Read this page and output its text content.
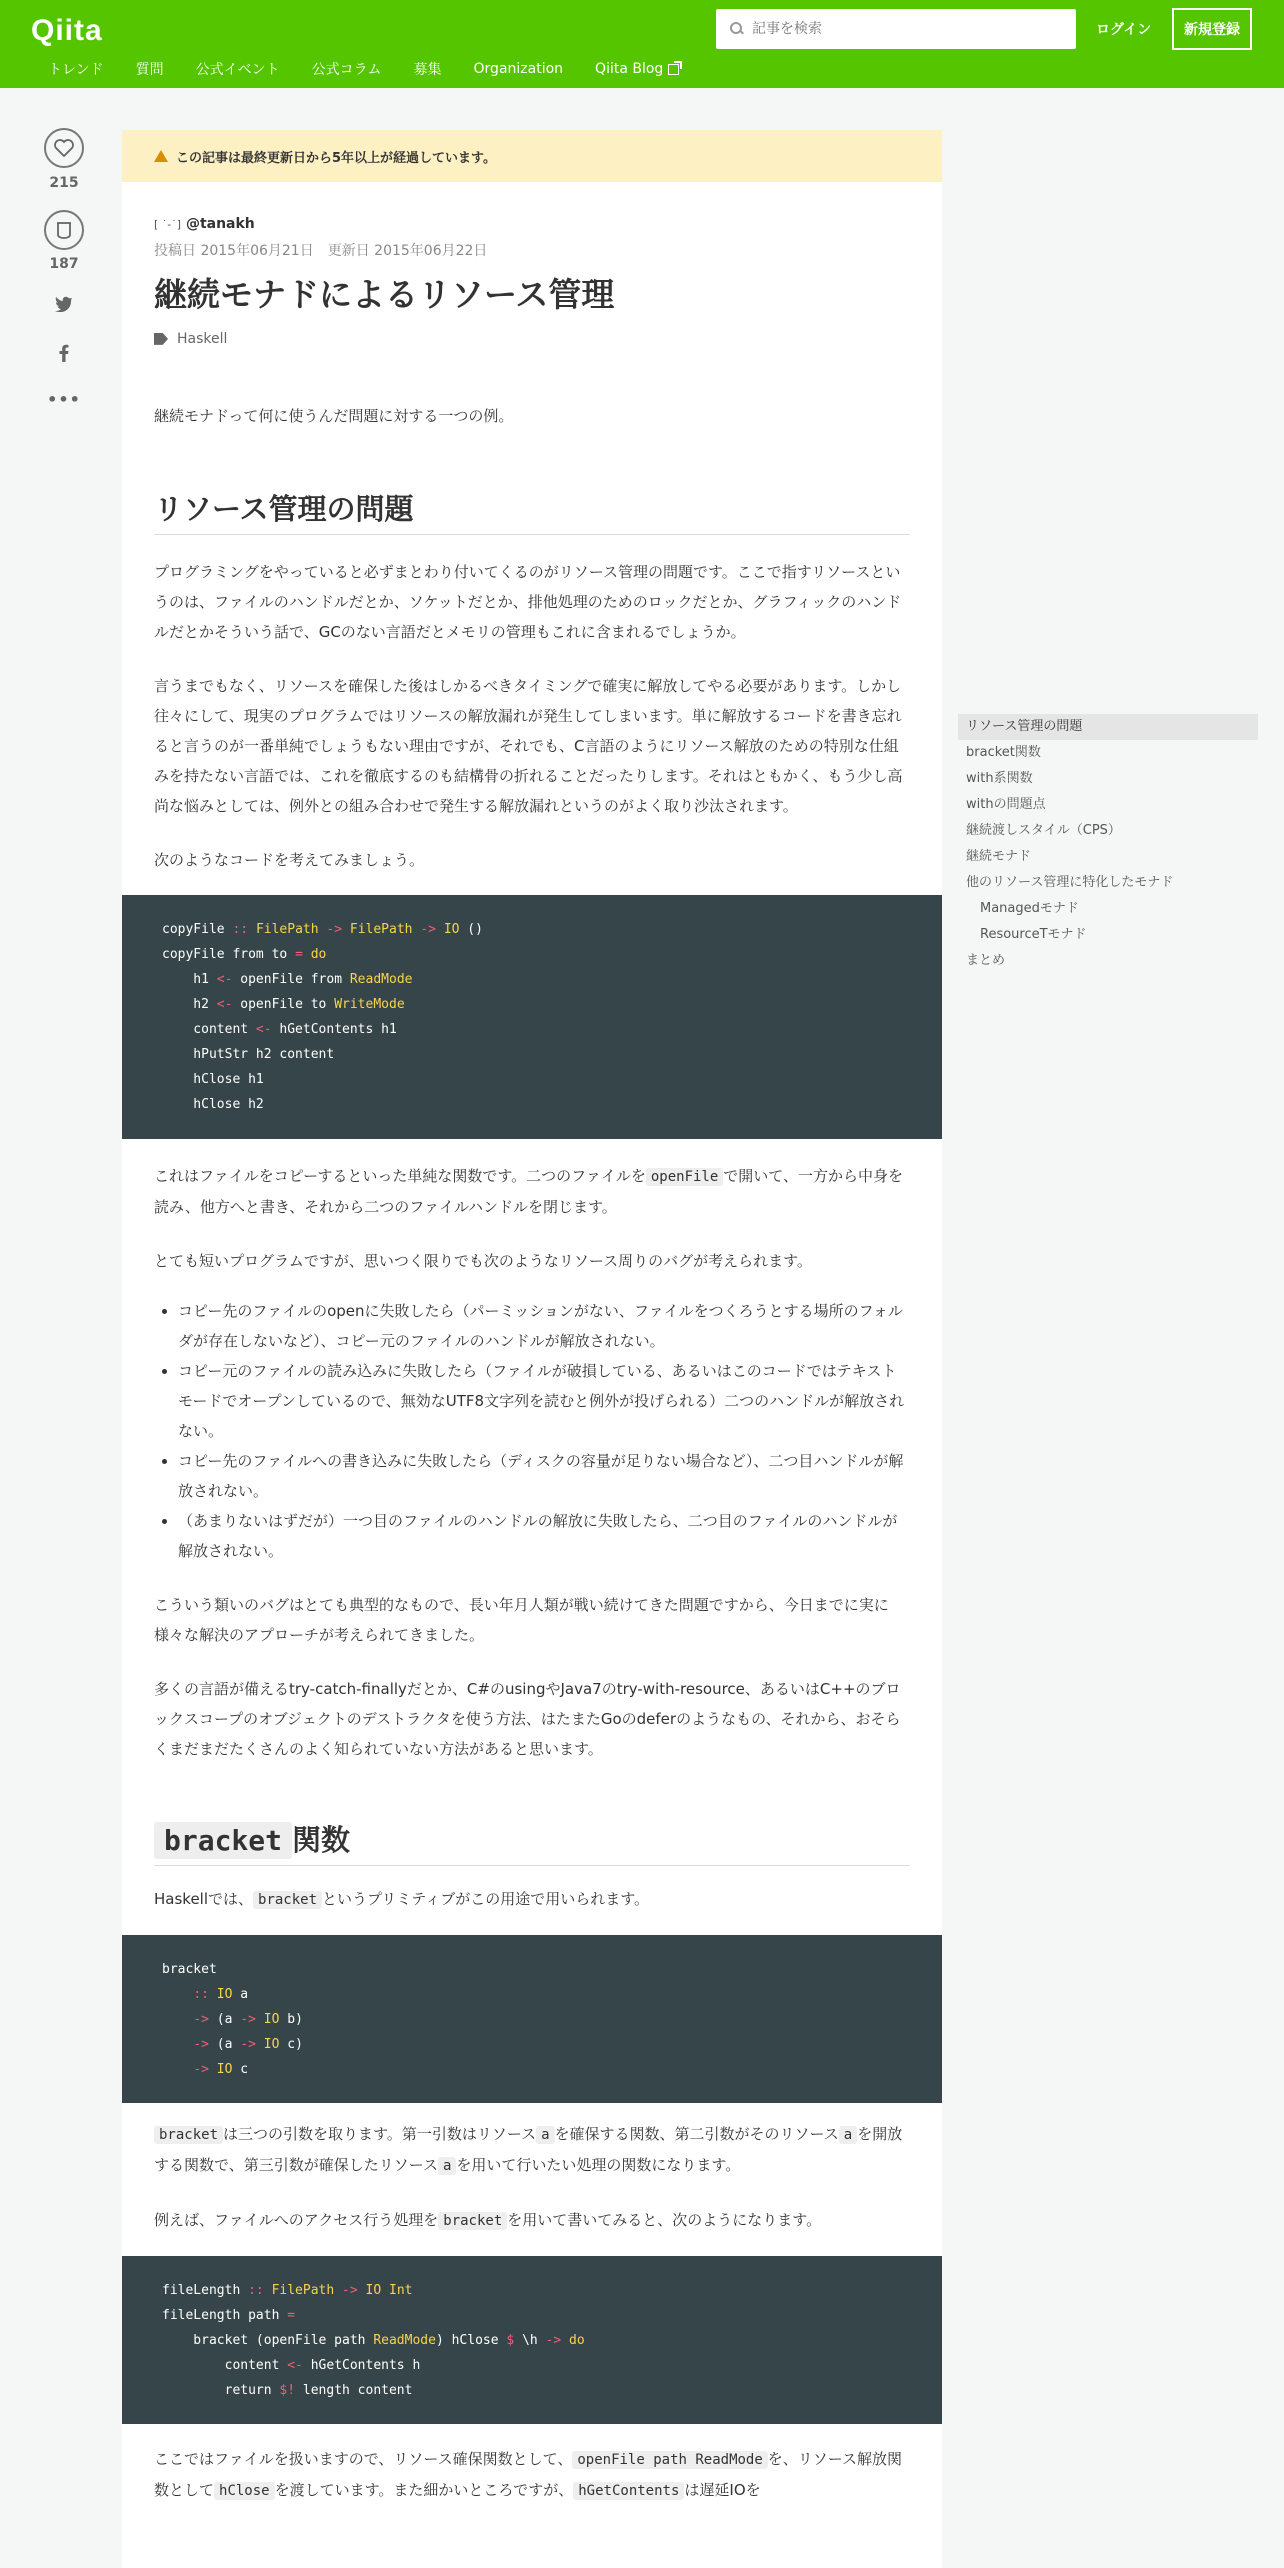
Qiita
記事を検索	ログイン	新規登録
トレンド 質問 公式イベント 公式コラム 募集 Organization Qiita Blog
215
187
•••
この記事は最終更新日から5年以上が経過しています。
[ ˙-˙] @tanakh
投稿日 2015年06月21日 更新日 2015年06月22日
継続モナドによるリソース管理
Haskell

継続モナドって何に使うんだ問題に対する一つの例。

リソース管理の問題

プログラミングをやっていると必ずまとわり付いてくるのがリソース管理の問題です。ここで指すリソースというのは、ファイルのハンドルだとか、ソケットだとか、排他処理のためのロックだとか、グラフィックのハンドルだとかそういう話で、GCのない言語だとメモリの管理もこれに含まれるでしょうか。

言うまでもなく、リソースを確保した後はしかるべきタイミングで確実に解放してやる必要があります。しかし往々にして、現実のプログラムではリソースの解放漏れが発生してしまいます。単に解放するコードを書き忘れると言うのが一番単純でしょうもない理由ですが、それでも、C言語のようにリソース解放のための特別な仕組みを持たない言語では、これを徹底するのも結構骨の折れることだったりします。それはともかく、もう少し高尚な悩みとしては、例外との組み合わせで発生する解放漏れというのがよく取り沙汰されます。

次のようなコードを考えてみましょう。

copyFile :: FilePath -> FilePath -> IO ()
copyFile from to = do
h1 <- openFile from ReadMode
h2 <- openFile to WriteMode
content <- hGetContents h1
hPutStr h2 content
hClose h1
hClose h2

これはファイルをコピーするといった単純な関数です。二つのファイルを openFile で開いて、一方から中身を読み、他方へと書き、それから二つのファイルハンドルを閉じます。

とても短いプログラムですが、思いつく限りでも次のようなリソース周りのバグが考えられます。

• コピー先のファイルのopenに失敗したら（パーミッションがない、ファイルをつくろうとする場所のフォルダが存在しないなど）、コピー元のファイルのハンドルが解放されない。
• コピー元のファイルの読み込みに失敗したら（ファイルが破損している、あるいはこのコードではテキストモードでオープンしているので、無効なUTF8文字列を読むと例外が投げられる）二つのハンドルが解放されない。
• コピー先のファイルへの書き込みに失敗したら（ディスクの容量が足りない場合など）、二つ目ハンドルが解放されない。
• （あまりないはずだが）一つ目のファイルのハンドルの解放に失敗したら、二つ目のファイルのハンドルが解放されない。

こういう類いのバグはとても典型的なもので、長い年月人類が戦い続けてきた問題ですから、今日までに実に様々な解決のアプローチが考えられてきました。

多くの言語が備えるtry-catch-finallyだとか、C#のusingやJava7のtry-with-resource、あるいはC++のブロックスコープのオブジェクトのデストラクタを使う方法、はたまたGoのdeferのようなもの、それから、おそらくまだまだたくさんのよく知られていない方法があると思います。

bracket 関数

Haskellでは、 bracket というプリミティブがこの用途で用いられます。

bracket
:: IO a
-> (a -> IO b)
-> (a -> IO c)
-> IO c

bracket は三つの引数を取ります。第一引数はリソース a を確保する関数、第二引数がそのリソース a を開放する関数で、第三引数が確保したリソース a を用いて行いたい処理の関数になります。

例えば、ファイルへのアクセス行う処理を bracket を用いて書いてみると、次のようになります。

fileLength :: FilePath -> IO Int
fileLength path =
bracket (openFile path ReadMode) hClose $ \h -> do
content <- hGetContents h
return $! length content

ここではファイルを扱いますので、リソース確保関数として、 openFile path ReadMode を、リソース解放関数として hClose を渡しています。また細かいところですが、 hGetContents は遅延IOを

リソース管理の問題
bracket関数
with系関数
withの問題点
継続渡しスタイル（CPS）
継続モナド
他のリソース管理に特化したモナド
Managedモナド
ResourceTモナド
まとめ
